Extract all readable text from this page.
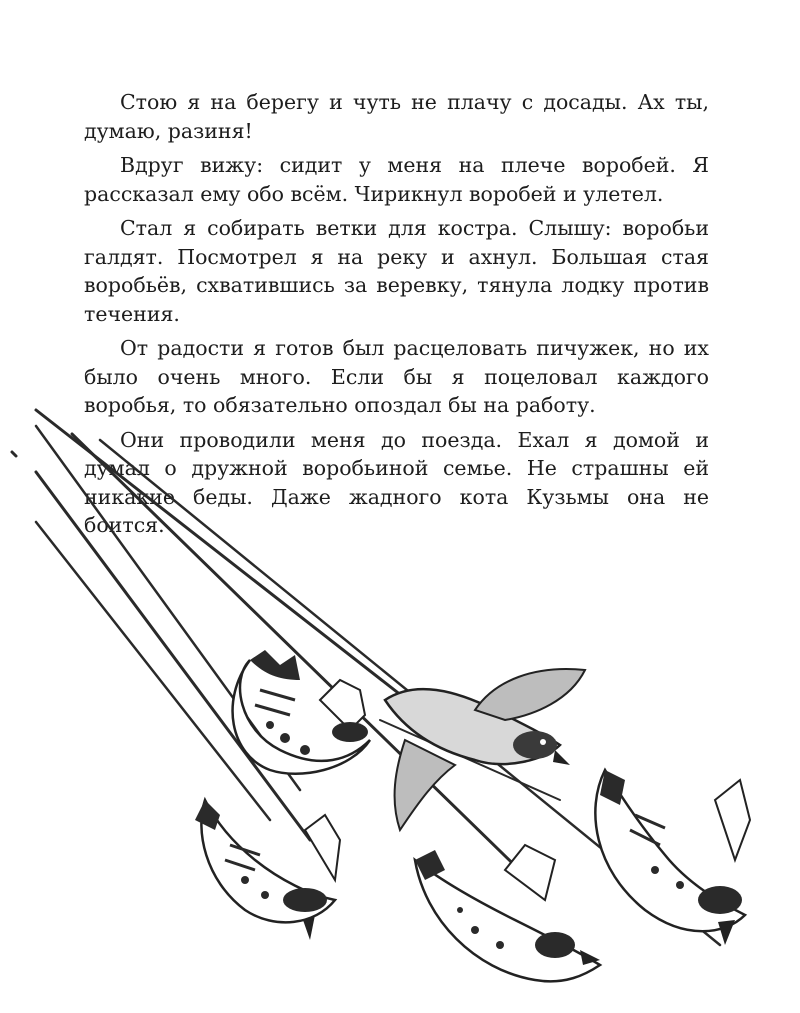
Стою я на берегу и чуть не плачу с досады. Ах ты, думаю, разиня!

Вдруг вижу: сидит у меня на плече воробей. Я рассказал ему обо всём. Чирикнул воробей и улетел.

Стал я собирать ветки для костра. Слышу: воробьи галдят. Посмотрел я на реку и ахнул. Большая стая воробьёв, схватившись за веревку, тянула лодку против течения.

От радости я готов был расцеловать пичужек, но их было очень много. Если бы я поцеловал каждого воробья, то обязательно опоздал бы на работу.

Они проводили меня до поезда. Ехал я домой и думал о дружной воробьиной семье. Не страшны ей никакие беды. Даже жадного кота Кузьмы она не боится.
